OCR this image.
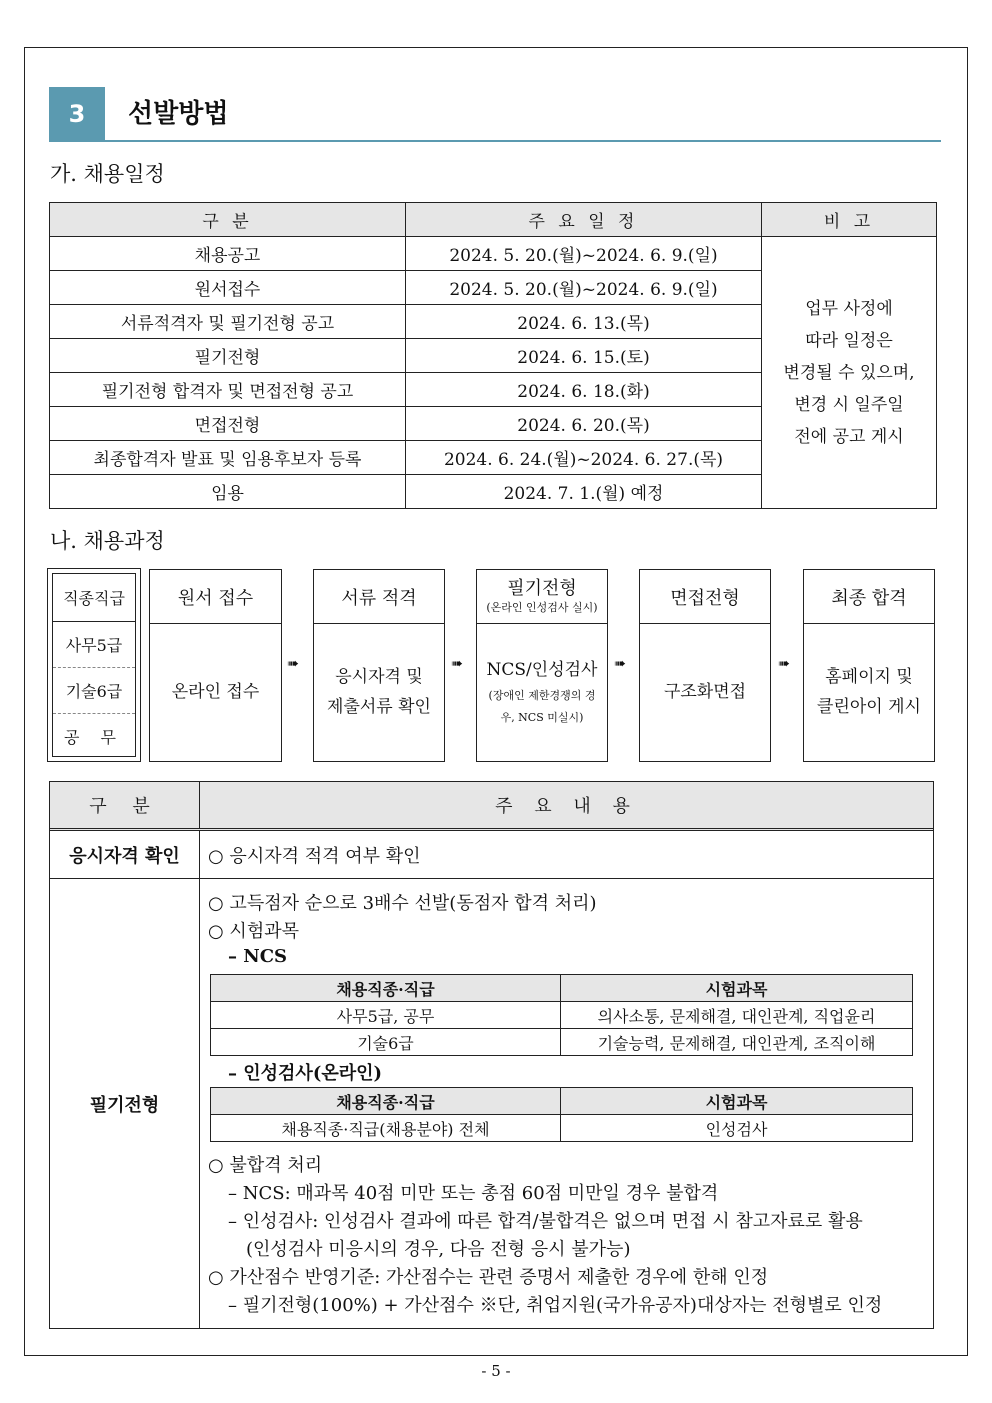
3	선발방법
가. 채용일정
구 분	주 요 일 정	비 고
채용공고	2024. 5. 20.(월)~2024. 6. 9.(일)	업무 사정에
따라 일정은
변경될 수 있으며,
변경 시 일주일
전에 공고 게시

원서접수	2024. 5. 20.(월)~2024. 6. 9.(일)	
서류적격자 및 필기전형 공고	2024. 6. 13.(목)	
필기전형	2024. 6. 15.(토)	
필기전형 합격자 및 면접전형 공고	2024. 6. 18.(화)	
면접전형	2024. 6. 20.(목)	
최종합격자 발표 및 임용후보자 등록	2024. 6. 24.(월)~2024. 6. 27.(목)	
임용	2024. 7. 1.(월) 예정	
나. 채용과정
직종직급
사무5급
기술6급
공 무
원서 접수
온라인 접수
➠
서류 적격
응시자격 및
제출서류 확인
➠
필기전형
(온라인 인성검사 실시)
NCS/인성검사
(장애인 제한경쟁의 경우, NCS 미실시)
➠
면접전형
구조화면접
➠
최종 합격
홈페이지 및
클린아이 게시
구 분	주 요 내 용
응시자격 확인	○ 응시자격 적격 여부 확인
필기전형
○ 고득점자 순으로 3배수 선발(동점자 합격 처리)
○ 시험과목
– NCS
채용직종·직급	시험과목
사무5급, 공무	의사소통, 문제해결, 대인관계, 직업윤리
기술6급	기술능력, 문제해결, 대인관계, 조직이해
– 인성검사(온라인)
채용직종·직급	시험과목
채용직종·직급(채용분야) 전체	인성검사
○ 불합격 처리
– NCS: 매과목 40점 미만 또는 총점 60점 미만일 경우 불합격
– 인성검사: 인성검사 결과에 따른 합격/불합격은 없으며 면접 시 참고자료로 활용
(인성검사 미응시의 경우, 다음 전형 응시 불가능)
○ 가산점수 반영기준: 가산점수는 관련 증명서 제출한 경우에 한해 인정
– 필기전형(100%) + 가산점수 ※단, 취업지원(국가유공자)대상자는 전형별로 인정
- 5 -
